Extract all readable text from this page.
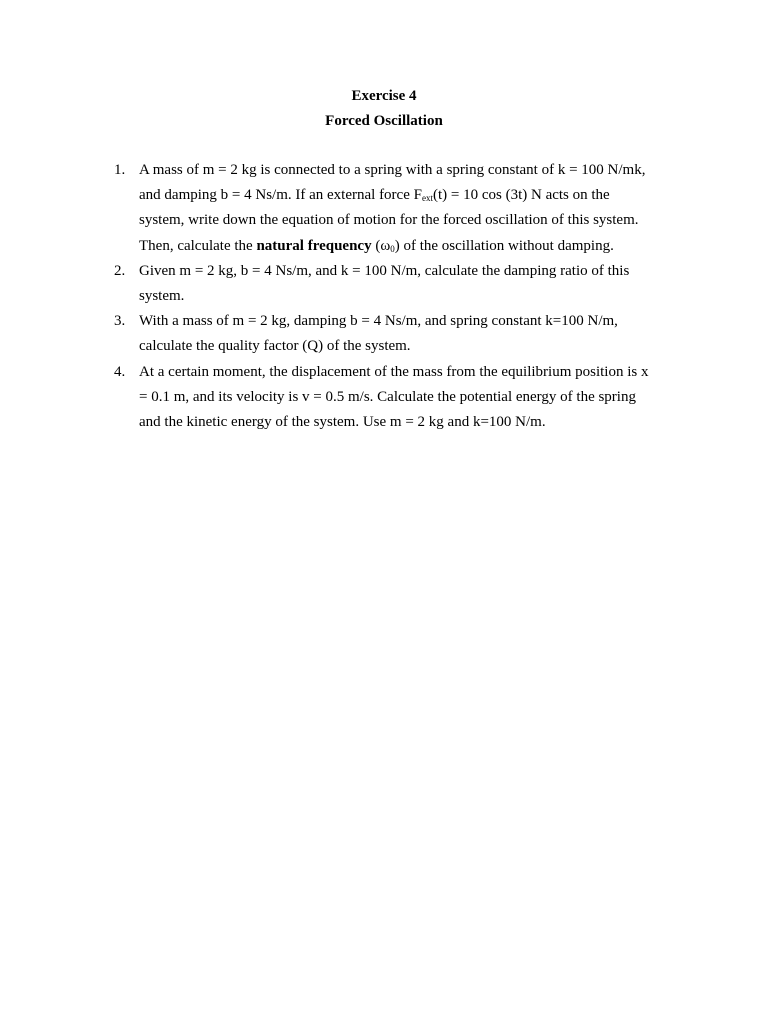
Exercise 4
Forced Oscillation
1. A mass of m = 2 kg is connected to a spring with a spring constant of k = 100 N/mk,
and damping b = 4 Ns/m. If an external force $F_{ext}(t) = 10$ cos (3t) N acts on the
system, write down the equation of motion for the forced oscillation of this system.
Then, calculate the natural frequency $(\omega_0)$ of the oscillation without damping.
2. Given m = 2 kg, b = 4 Ns/m, and k = 100 N/m, calculate the damping ratio of this
system.
3. With a mass of m = 2 kg, damping b = 4 Ns/m, and spring constant k=100 N/m,
calculate the quality factor (Q) of the system.
4. At a certain moment, the displacement of the mass from the equilibrium position is x
= 0.1 m, and its velocity is v = 0.5 m/s. Calculate the potential energy of the spring
and the kinetic energy of the system. Use m = 2 kg and k=100 N/m.
